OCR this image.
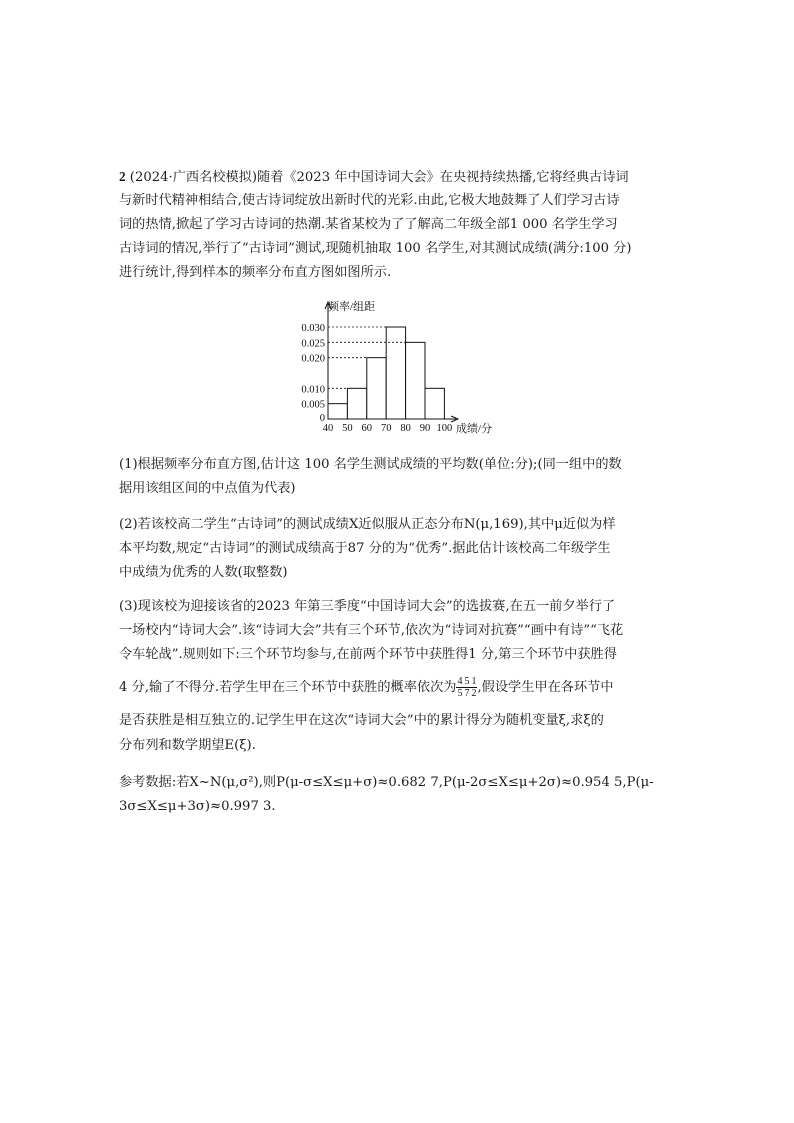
2 (2024·广西名校模拟)随着《2023 年中国诗词大会》在央视持续热播,它将经典古诗词
与新时代精神相结合,使古诗词绽放出新时代的光彩.由此,它极大地鼓舞了人们学习古诗
词的热情,掀起了学习古诗词的热潮.某省某校为了了解高二年级全部1 000 名学生学习
古诗词的情况,举行了“古诗词”测试,现随机抽取 100 名学生,对其测试成绩(满分:100 分)
进行统计,得到样本的频率分布直方图如图所示.
0
0.005
0.010
0.020
0.025
0.030
40 50 60 70 80 90 100
频率/组距
成绩/分
(1)根据频率分布直方图,估计这 100 名学生测试成绩的平均数(单位:分);(同一组中的数
据用该组区间的中点值为代表)
(2)若该校高二学生“古诗词”的测试成绩X近似服从正态分布N(μ,169),其中μ近似为样
本平均数,规定“古诗词”的测试成绩高于87 分的为“优秀”.据此估计该校高二年级学生
中成绩为优秀的人数(取整数)
(3)现该校为迎接该省的2023 年第三季度“中国诗词大会”的选拔赛,在五一前夕举行了
一场校内“诗词大会”.该“诗词大会”共有三个环节,依次为“诗词对抗赛”“画中有诗”“飞花
令车轮战”.规则如下:三个环节均参与,在前两个环节中获胜得1 分,第三个环节中获胜得
4 分,输了不得分.若学生甲在三个环节中获胜的概率依次为 $\frac{4}{5} \frac{5}{7} \frac{1}{2}$ ,假设学生甲在各环节中
是否获胜是相互独立的.记学生甲在这次“诗词大会”中的累计得分为随机变量ξ,求ξ的
分布列和数学期望E(ξ).
参考数据:若X~N(μ,σ²),则P(μ-σ≤X≤μ+σ)≈0.682 7,P(μ-2σ≤X≤μ+2σ)≈0.954 5,P(μ-
3σ≤X≤μ+3σ)≈0.997 3.
